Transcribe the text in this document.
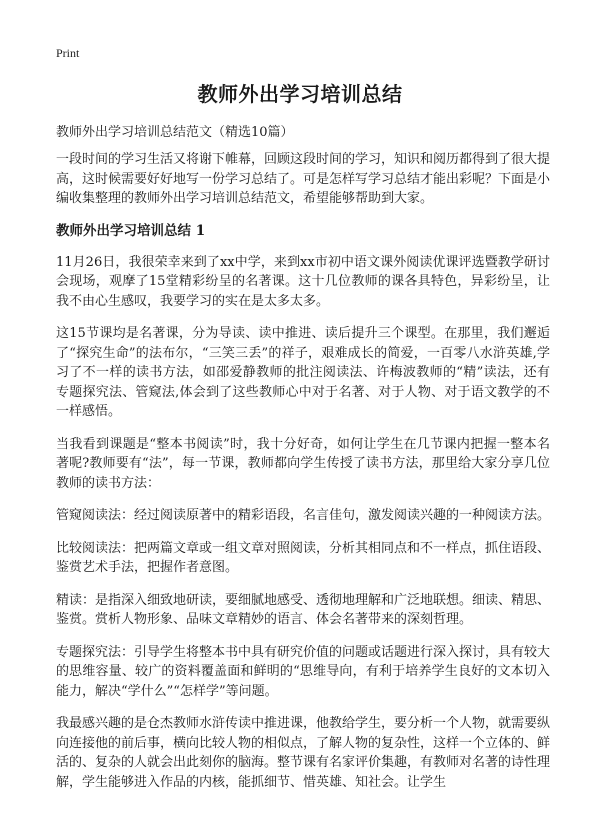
Print
教师外出学习培训总结

教师外出学习培训总结范文（精选10篇）

一段时间的学习生活又将谢下帷幕，回顾这段时间的学习，知识和阅历都得到了很大提高，这时候需要好好地写一份学习总结了。可是怎样写学习总结才能出彩呢？下面是小编收集整理的教师外出学习培训总结范文，希望能够帮助到大家。

教师外出学习培训总结 1

11月26日，我很荣幸来到了xx中学，来到xx市初中语文课外阅读优课评选暨教学研讨会现场，观摩了15堂精彩纷呈的名著课。这十几位教师的课各具特色，异彩纷呈，让我不由心生感叹，我要学习的实在是太多太多。

这15节课均是名著课，分为导读、读中推进、读后提升三个课型。在那里，我们邂逅了“探究生命”的法布尔，“三笑三丢”的祥子，艰难成长的简爱，一百零八水浒英雄,学习了不一样的读书方法，如邵爱静教师的批注阅读法、许梅波教师的“精”读法，还有专题探究法、管窥法,体会到了这些教师心中对于名著、对于人物、对于语文教学的不一样感悟。

当我看到课题是“整本书阅读”时，我十分好奇，如何让学生在几节课内把握一整本名著呢?教师要有“法”，每一节课，教师都向学生传授了读书方法，那里给大家分享几位教师的读书方法：

管窥阅读法：经过阅读原著中的精彩语段，名言佳句，激发阅读兴趣的一种阅读方法。

比较阅读法：把两篇文章或一组文章对照阅读，分析其相同点和不一样点，抓住语段、鉴赏艺术手法，把握作者意图。

精读：是指深入细致地研读，要细腻地感受、透彻地理解和广泛地联想。细读、精思、鉴赏。赏析人物形象、品味文章精妙的语言、体会名著带来的深刻哲理。

专题探究法：引导学生将整本书中具有研究价值的问题或话题进行深入探讨，具有较大的思维容量、较广的资料覆盖面和鲜明的“思维导向，有利于培养学生良好的文本切入能力，解决“学什么”“怎样学”等问题。

我最感兴趣的是仓杰教师水浒传读中推进课，他教给学生，要分析一个人物，就需要纵向连接他的前后事，横向比较人物的相似点，了解人物的复杂性，这样一个立体的、鲜活的、复杂的人就会出此刻你的脑海。整节课有名家评价集趣，有教师对名著的诗性理解，学生能够进入作品的内核，能抓细节、惜英雄、知社会。让学生
